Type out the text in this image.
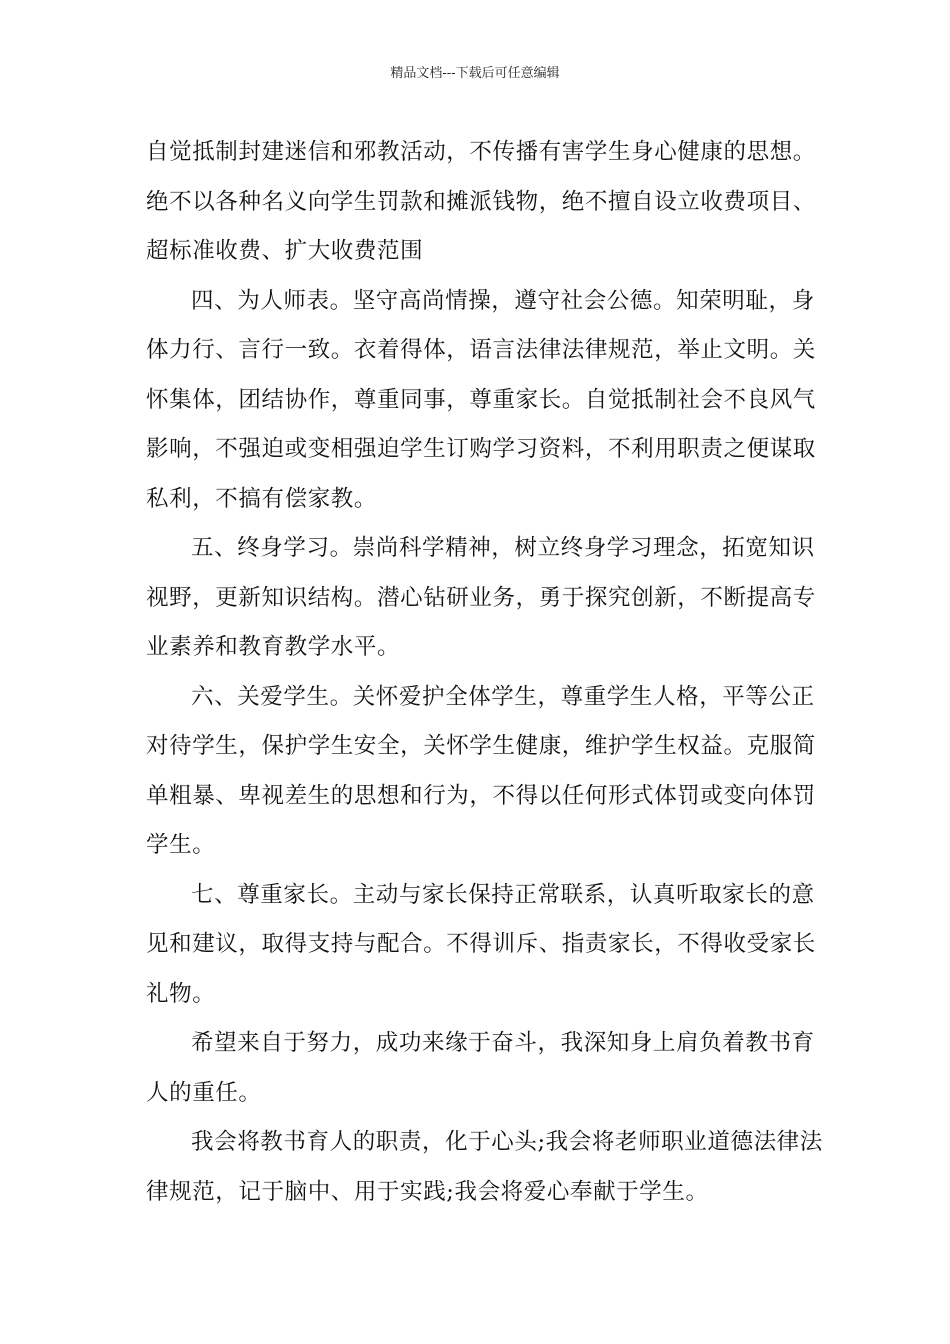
精品文档---下载后可任意编辑
自觉抵制封建迷信和邪教活动，不传播有害学生身心健康的思想。
绝不以各种名义向学生罚款和摊派钱物，绝不擅自设立收费项目、
超标准收费、扩大收费范围
四、为人师表。坚守高尚情操，遵守社会公德。知荣明耻，身
体力行、言行一致。衣着得体，语言法律法律规范，举止文明。关
怀集体，团结协作，尊重同事，尊重家长。自觉抵制社会不良风气
影响，不强迫或变相强迫学生订购学习资料，不利用职责之便谋取
私利，不搞有偿家教。
五、终身学习。崇尚科学精神，树立终身学习理念，拓宽知识
视野，更新知识结构。潜心钻研业务，勇于探究创新，不断提高专
业素养和教育教学水平。
六、关爱学生。关怀爱护全体学生，尊重学生人格，平等公正
对待学生，保护学生安全，关怀学生健康，维护学生权益。克服简
单粗暴、卑视差生的思想和行为，不得以任何形式体罚或变向体罚
学生。
七、尊重家长。主动与家长保持正常联系，认真听取家长的意
见和建议，取得支持与配合。不得训斥、指责家长，不得收受家长
礼物。
希望来自于努力，成功来缘于奋斗，我深知身上肩负着教书育
人的重任。
我会将教书育人的职责，化于心头;我会将老师职业道德法律法
律规范，记于脑中、用于实践;我会将爱心奉献于学生。
